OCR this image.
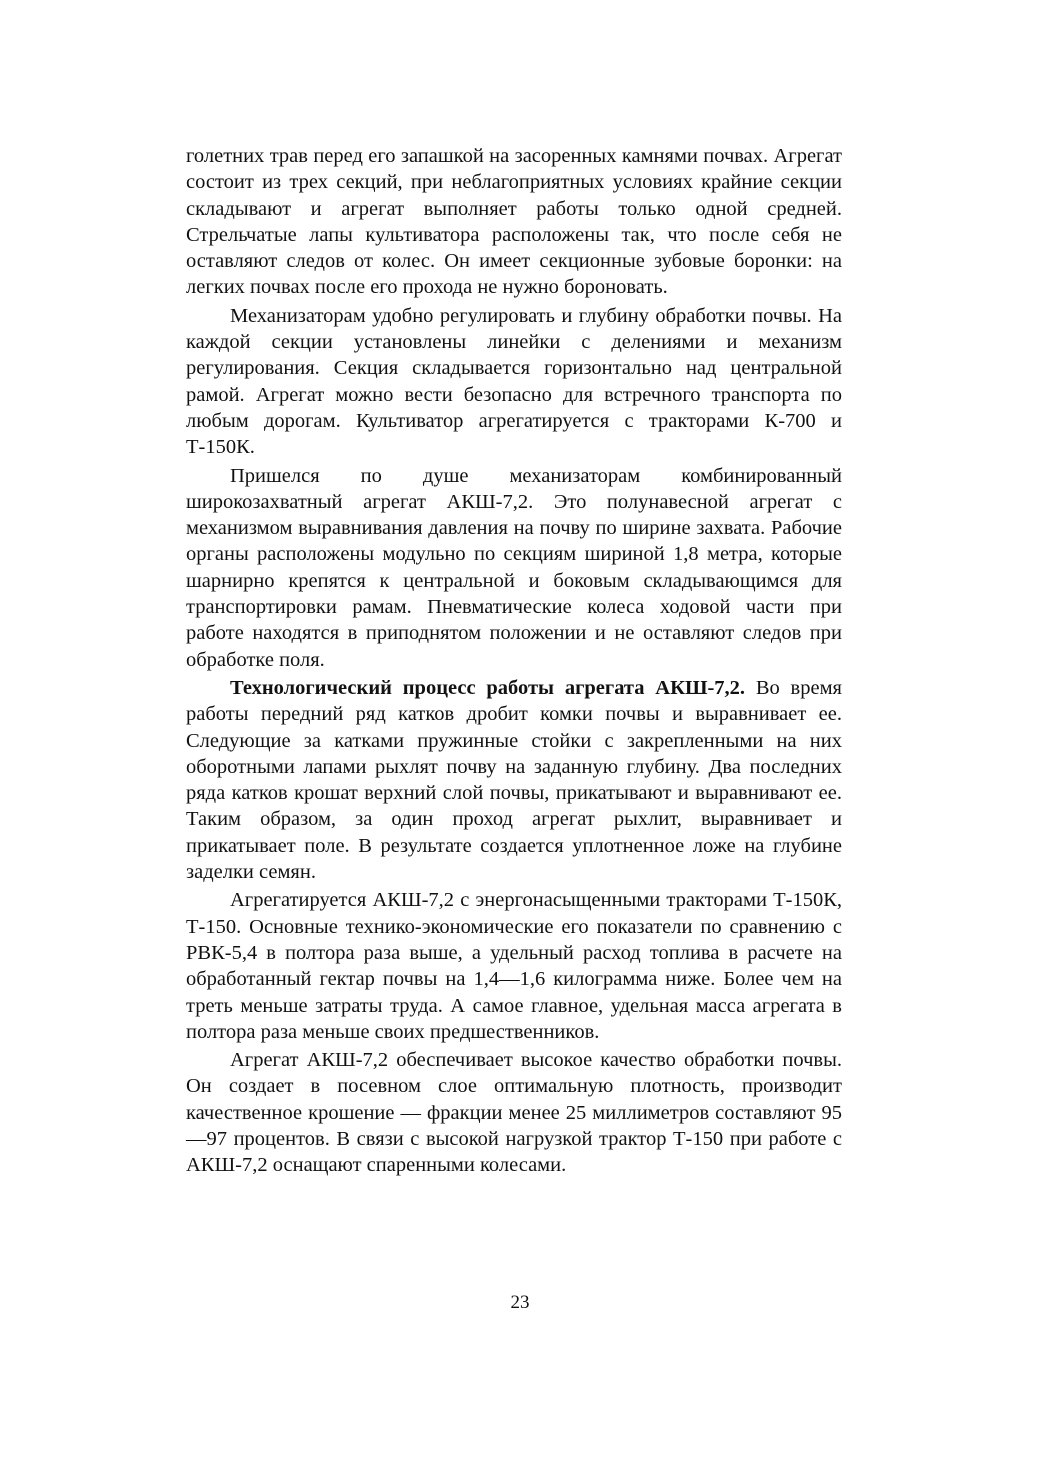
голетних трав перед его запашкой на засоренных камнями почвах. Агрегат состоит из трех секций, при неблагоприятных условиях крайние секции складывают и агрегат выполняет работы только одной средней. Стрельчатые лапы культиватора расположены так, что после себя не оставляют следов от колес. Он имеет секционные зубовые боронки: на легких почвах после его прохода не нужно бороновать.

Механизаторам удобно регулировать и глубину обработки почвы. На каждой секции установлены линейки с делениями и механизм регулирования. Секция складывается горизонтально над центральной рамой. Агрегат можно вести безопасно для встречного транспорта по любым дорогам. Культиватор агрегатируется с тракторами К-700 и Т-150К.

Пришелся по душе механизаторам комбинированный широкозахватный агрегат АКШ-7,2. Это полунавесной агрегат с механизмом выравнивания давления на почву по ширине захвата. Рабочие органы расположены модульно по секциям шириной 1,8 метра, которые шарнирно крепятся к центральной и боковым складывающимся для транспортировки рамам. Пневматические колеса ходовой части при работе находятся в приподнятом положении и не оставляют следов при обработке поля.

Технологический процесс работы агрегата АКШ-7,2. Во время работы передний ряд катков дробит комки почвы и выравнивает ее. Следующие за катками пружинные стойки с закрепленными на них оборотными лапами рыхлят почву на заданную глубину. Два последних ряда катков крошат верхний слой почвы, прикатывают и выравнивают ее. Таким образом, за один проход агрегат рыхлит, выравнивает и прикатывает поле. В результате создается уплотненное ложе на глубине заделки семян.

Агрегатируется АКШ-7,2 с энергонасыщенными тракторами Т-150К, Т-150. Основные технико-экономические его показатели по сравнению с РВК-5,4 в полтора раза выше, а удельный расход топлива в расчете на обработанный гектар почвы на 1,4—1,6 килограмма ниже. Более чем на треть меньше затраты труда. А самое главное, удельная масса агрегата в полтора раза меньше своих предшественников.

Агрегат АКШ-7,2 обеспечивает высокое качество обработки почвы. Он создает в посевном слое оптимальную плотность, производит качественное крошение — фракции менее 25 миллиметров составляют 95—97 процентов. В связи с высокой нагрузкой трактор Т-150 при работе с АКШ-7,2 оснащают спаренными колесами.

23
